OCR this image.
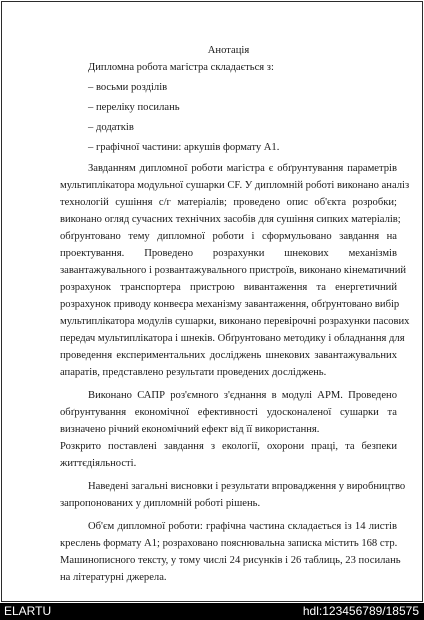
Анотація
Дипломна робота магістра складається з:
– восьми розділів
– переліку посилань
– додатків
– графічної частини: аркушів формату А1.
Завданням дипломної роботи магістра є обґрунтування параметрів
мультиплікатора модульної сушарки CF. У дипломній роботі виконано аналіз
технологій сушіння с/г матеріалів; проведено опис об'єкта розробки;
виконано огляд сучасних технічних засобів для сушіння сипких матеріалів;
обґрунтовано тему дипломної роботи і сформульовано завдання на
проектування. Проведено розрахунки шнекових механізмів
завантажувального і розвантажувального пристроїв, виконано кінематичний
розрахунок транспортера пристрою вивантаження та енергетичний
розрахунок приводу конвеєра механізму завантаження, обґрунтовано вибір
мультиплікатора модулів сушарки, виконано перевірочні розрахунки пасових
передач мультиплікатора і шнеків. Обґрунтовано методику і обладнання для
проведення експериментальних досліджень шнекових завантажувальних
апаратів, представлено результати проведених досліджень.
Виконано САПР роз'ємного з'єднання в модулі АРМ. Проведено
обґрунтування економічної ефективності удосконаленої сушарки та
визначено річний економічний ефект від її використання.
Розкрито поставлені завдання з екології, охорони праці, та безпеки
життєдіяльності.
Наведені загальні висновки і результати впровадження у виробництво
запропонованих у дипломній роботі рішень.
Об'єм дипломної роботи: графічна частина складається із 14 листів
креслень формату А1; розраховано пояснювальна записка містить 168 стр.
Машинописного тексту, у тому числі 24 рисунків і 26 таблиць, 23 посилань
на літературні джерела.
ELARTU	hdl:123456789/18575
